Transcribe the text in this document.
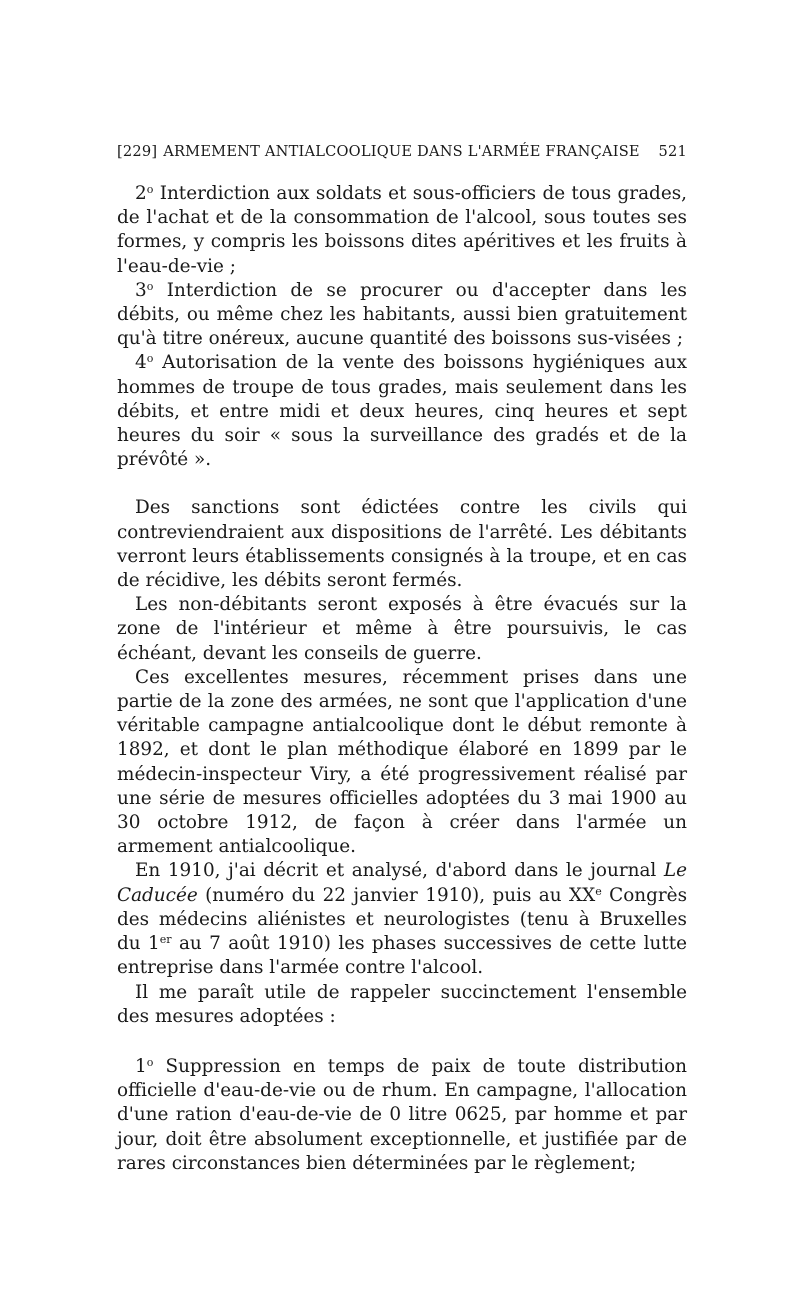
[229] ARMEMENT ANTIALCOOLIQUE DANS L'ARMÉE FRANÇAISE 521

2$^o$ Interdiction aux soldats et sous-officiers de tous grades, de l'achat et de la consommation de l'alcool, sous toutes ses formes, y compris les boissons dites apéritives et les fruits à l'eau-de-vie ;

3$^o$ Interdiction de se procurer ou d'accepter dans les débits, ou même chez les habitants, aussi bien gratuitement qu'à titre onéreux, aucune quantité des boissons sus-visées ;

4$^o$ Autorisation de la vente des boissons hygiéniques aux hommes de troupe de tous grades, mais seulement dans les débits, et entre midi et deux heures, cinq heures et sept heures du soir « sous la surveillance des gradés et de la prévôté ».

Des sanctions sont édictées contre les civils qui contreviendraient aux dispositions de l'arrêté. Les débitants verront leurs établissements consignés à la troupe, et en cas de récidive, les débits seront fermés.

Les non-débitants seront exposés à être évacués sur la zone de l'intérieur et même à être poursuivis, le cas échéant, devant les conseils de guerre.

Ces excellentes mesures, récemment prises dans une partie de la zone des armées, ne sont que l'application d'une véritable campagne antialcoolique dont le début remonte à 1892, et dont le plan méthodique élaboré en 1899 par le médecin-inspecteur Viry, a été progressivement réalisé par une série de mesures officielles adoptées du 3 mai 1900 au 30 octobre 1912, de façon à créer dans l'armée un armement antialcoolique.

En 1910, j'ai décrit et analysé, d'abord dans le journal Le Caducée (numéro du 22 janvier 1910), puis au XXe Congrès des médecins aliénistes et neurologistes (tenu à Bruxelles du 1er au 7 août 1910) les phases successives de cette lutte entreprise dans l'armée contre l'alcool.

Il me paraît utile de rappeler succinctement l'ensemble des mesures adoptées :

1$^o$ Suppression en temps de paix de toute distribution officielle d'eau-de-vie ou de rhum. En campagne, l'allocation d'une ration d'eau-de-vie de 0 litre 0625, par homme et par jour, doit être absolument exceptionnelle, et justifiée par de rares circonstances bien déterminées par le règlement;
